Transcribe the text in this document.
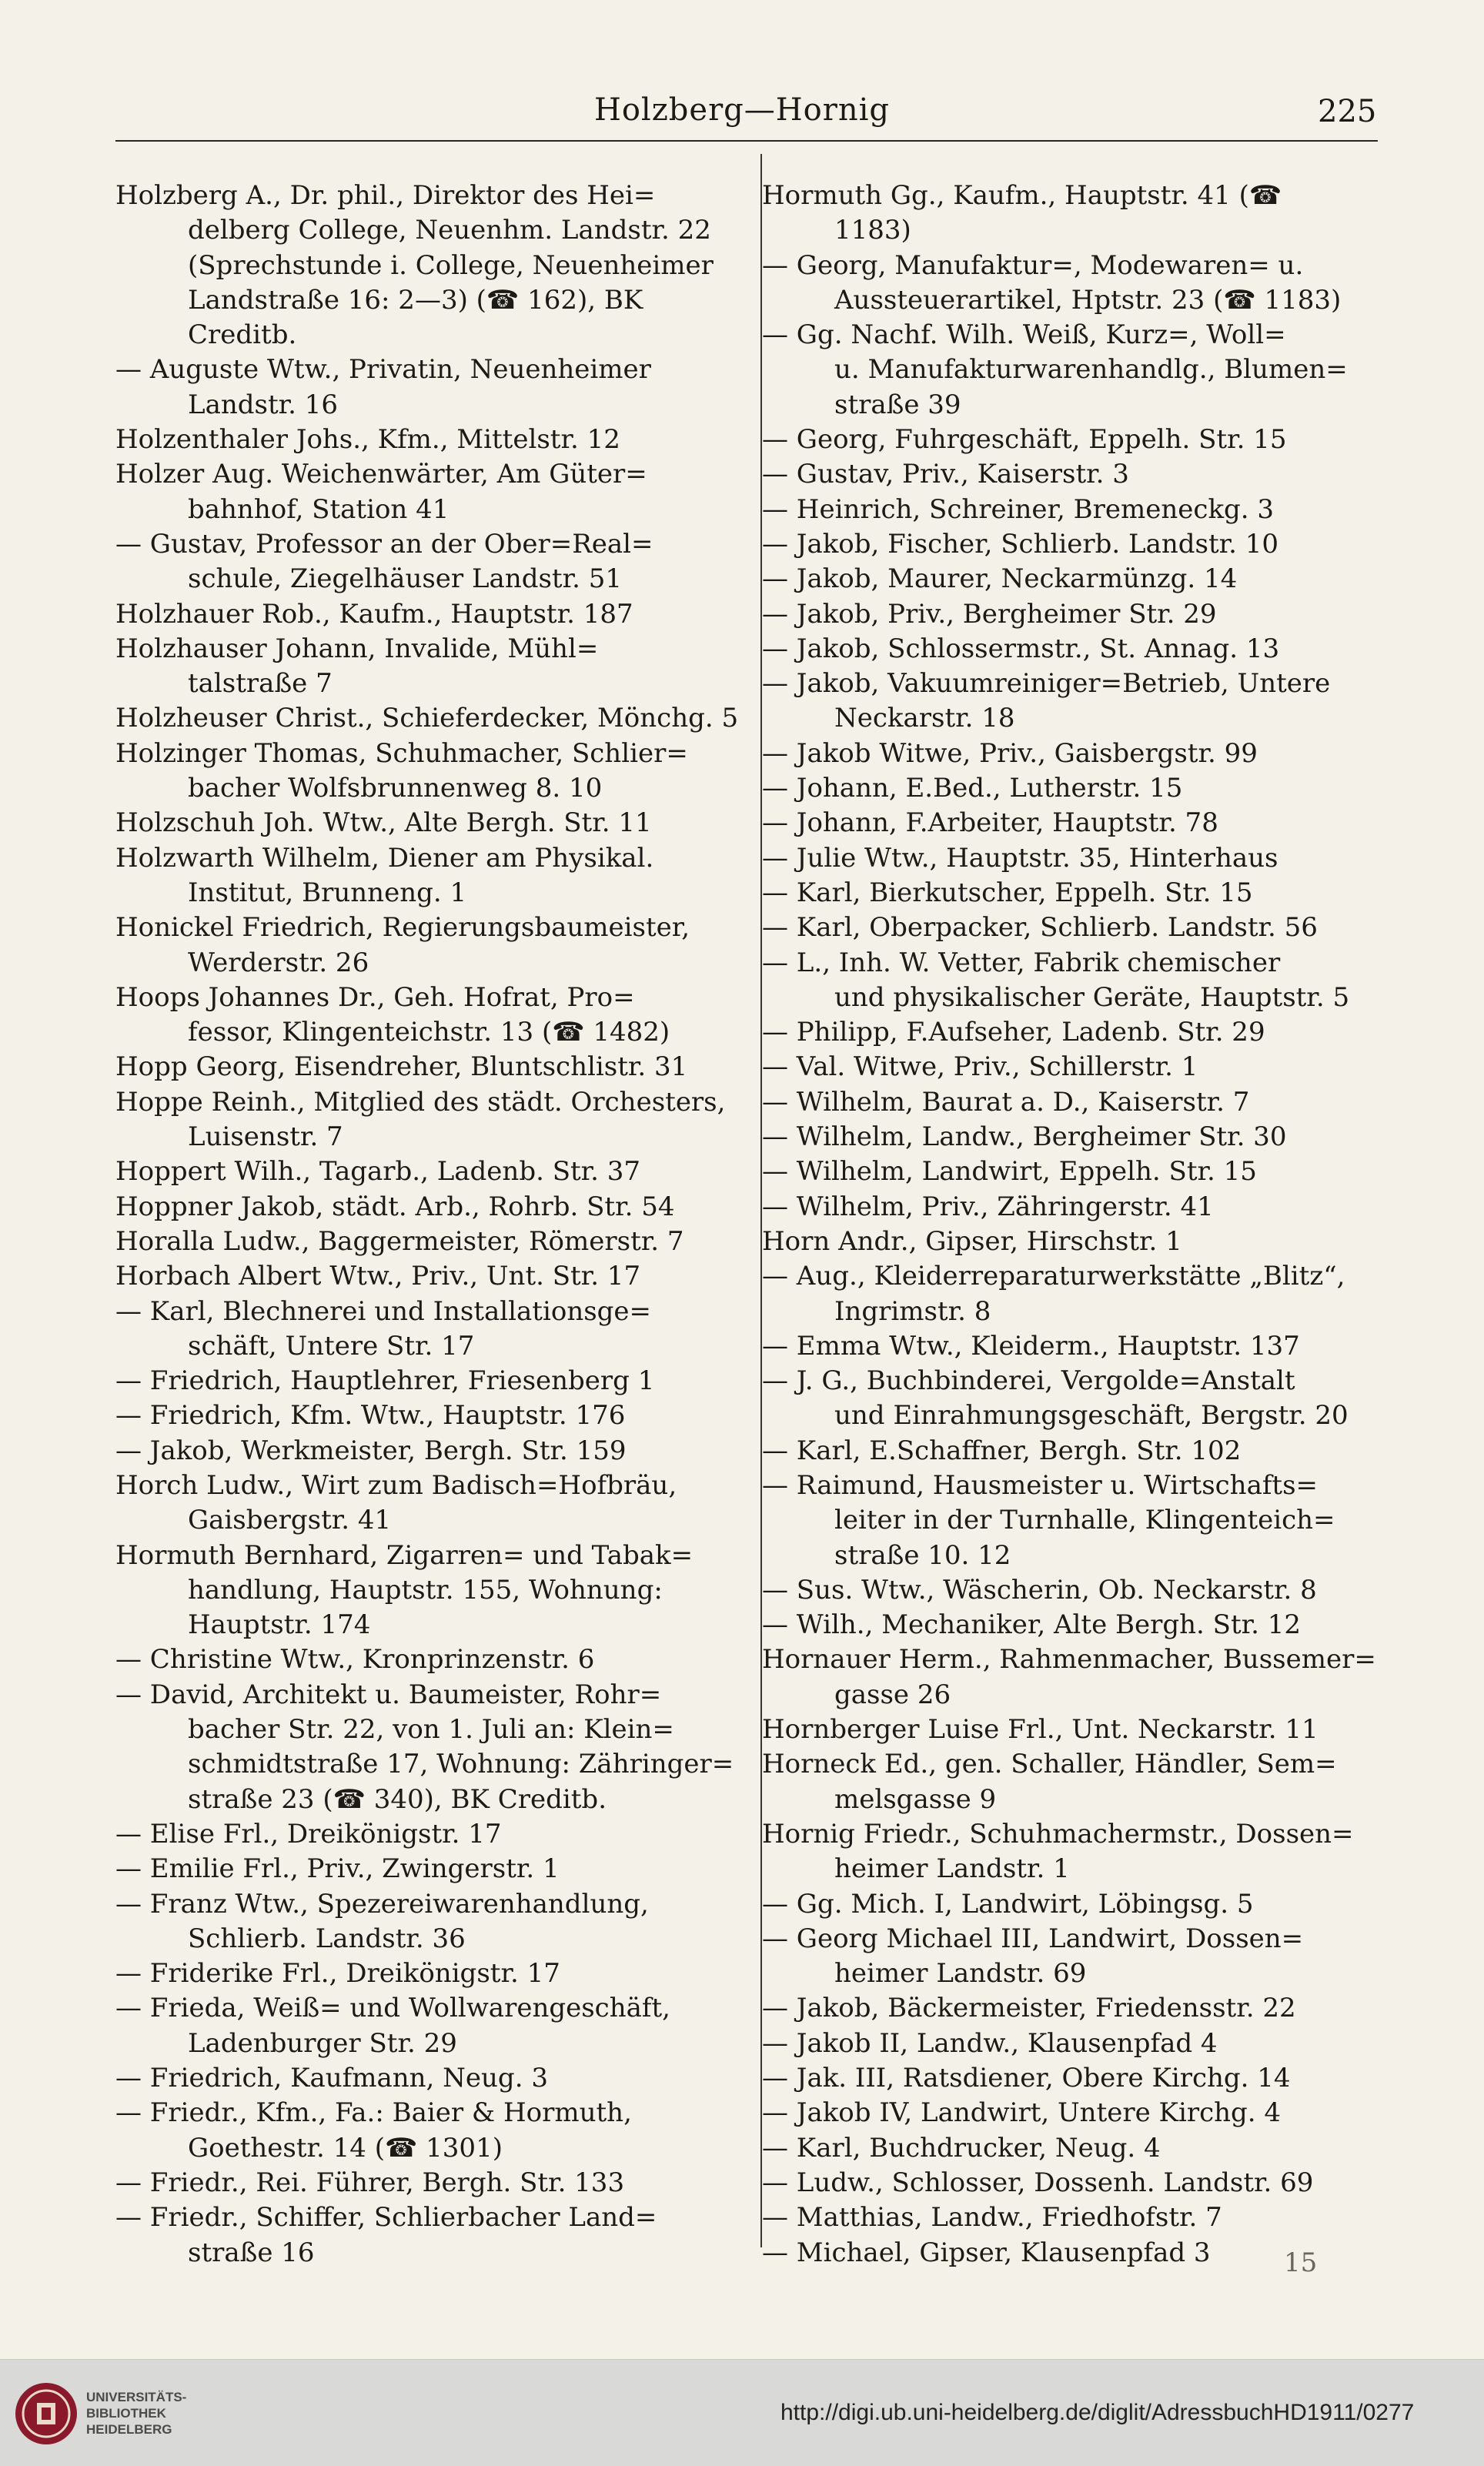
Holzberg—Hornig	225
Holzberg A., Dr. phil., Direktor des Hei=
delberg College, Neuenhm. Landstr. 22
(Sprechstunde i. College, Neuenheimer
Landstraße 16: 2—3) (☎ 162), BK
Creditb.
— Auguste Wtw., Privatin, Neuenheimer
Landstr. 16
Holzenthaler Johs., Kfm., Mittelstr. 12
Holzer Aug. Weichenwärter, Am Güter=
bahnhof, Station 41
— Gustav, Professor an der Ober=Real=
schule, Ziegelhäuser Landstr. 51
Holzhauer Rob., Kaufm., Hauptstr. 187
Holzhauser Johann, Invalide, Mühl=
talstraße 7
Holzheuser Christ., Schieferdecker, Mönchg. 5
Holzinger Thomas, Schuhmacher, Schlier=
bacher Wolfsbrunnenweg 8. 10
Holzschuh Joh. Wtw., Alte Bergh. Str. 11
Holzwarth Wilhelm, Diener am Physikal.
Institut, Brunneng. 1
Honickel Friedrich, Regierungsbaumeister,
Werderstr. 26
Hoops Johannes Dr., Geh. Hofrat, Pro=
fessor, Klingenteichstr. 13 (☎ 1482)
Hopp Georg, Eisendreher, Bluntschlistr. 31
Hoppe Reinh., Mitglied des städt. Orchesters,
Luisenstr. 7
Hoppert Wilh., Tagarb., Ladenb. Str. 37
Hoppner Jakob, städt. Arb., Rohrb. Str. 54
Horalla Ludw., Baggermeister, Römerstr. 7
Horbach Albert Wtw., Priv., Unt. Str. 17
— Karl, Blechnerei und Installationsge=
schäft, Untere Str. 17
— Friedrich, Hauptlehrer, Friesenberg 1
— Friedrich, Kfm. Wtw., Hauptstr. 176
— Jakob, Werkmeister, Bergh. Str. 159
Horch Ludw., Wirt zum Badisch=Hofbräu,
Gaisbergstr. 41
Hormuth Bernhard, Zigarren= und Tabak=
handlung, Hauptstr. 155, Wohnung:
Hauptstr. 174
— Christine Wtw., Kronprinzenstr. 6
— David, Architekt u. Baumeister, Rohr=
bacher Str. 22, von 1. Juli an: Klein=
schmidtstraße 17, Wohnung: Zähringer=
straße 23 (☎ 340), BK Creditb.
— Elise Frl., Dreikönigstr. 17
— Emilie Frl., Priv., Zwingerstr. 1
— Franz Wtw., Spezereiwarenhandlung,
Schlierb. Landstr. 36
— Friderike Frl., Dreikönigstr. 17
— Frieda, Weiß= und Wollwarengeschäft,
Ladenburger Str. 29
— Friedrich, Kaufmann, Neug. 3
— Friedr., Kfm., Fa.: Baier & Hormuth,
Goethestr. 14 (☎ 1301)
— Friedr., Rei. Führer, Bergh. Str. 133
— Friedr., Schiffer, Schlierbacher Land=
straße 16
Hormuth Gg., Kaufm., Hauptstr. 41 (☎
1183)
— Georg, Manufaktur=, Modewaren= u.
Aussteuerartikel, Hptstr. 23 (☎ 1183)
— Gg. Nachf. Wilh. Weiß, Kurz=, Woll=
u. Manufakturwarenhandlg., Blumen=
straße 39
— Georg, Fuhrgeschäft, Eppelh. Str. 15
— Gustav, Priv., Kaiserstr. 3
— Heinrich, Schreiner, Bremeneckg. 3
— Jakob, Fischer, Schlierb. Landstr. 10
— Jakob, Maurer, Neckarmünzg. 14
— Jakob, Priv., Bergheimer Str. 29
— Jakob, Schlossermstr., St. Annag. 13
— Jakob, Vakuumreiniger=Betrieb, Untere
Neckarstr. 18
— Jakob Witwe, Priv., Gaisbergstr. 99
— Johann, E.Bed., Lutherstr. 15
— Johann, F.Arbeiter, Hauptstr. 78
— Julie Wtw., Hauptstr. 35, Hinterhaus
— Karl, Bierkutscher, Eppelh. Str. 15
— Karl, Oberpacker, Schlierb. Landstr. 56
— L., Inh. W. Vetter, Fabrik chemischer
und physikalischer Geräte, Hauptstr. 5
— Philipp, F.Aufseher, Ladenb. Str. 29
— Val. Witwe, Priv., Schillerstr. 1
— Wilhelm, Baurat a. D., Kaiserstr. 7
— Wilhelm, Landw., Bergheimer Str. 30
— Wilhelm, Landwirt, Eppelh. Str. 15
— Wilhelm, Priv., Zähringerstr. 41
Horn Andr., Gipser, Hirschstr. 1
— Aug., Kleiderreparaturwerkstätte „Blitz“,
Ingrimstr. 8
— Emma Wtw., Kleiderm., Hauptstr. 137
— J. G., Buchbinderei, Vergolde=Anstalt
und Einrahmungsgeschäft, Bergstr. 20
— Karl, E.Schaffner, Bergh. Str. 102
— Raimund, Hausmeister u. Wirtschafts=
leiter in der Turnhalle, Klingenteich=
straße 10. 12
— Sus. Wtw., Wäscherin, Ob. Neckarstr. 8
— Wilh., Mechaniker, Alte Bergh. Str. 12
Hornauer Herm., Rahmenmacher, Bussemer=
gasse 26
Hornberger Luise Frl., Unt. Neckarstr. 11
Horneck Ed., gen. Schaller, Händler, Sem=
melsgasse 9
Hornig Friedr., Schuhmachermstr., Dossen=
heimer Landstr. 1
— Gg. Mich. I, Landwirt, Löbingsg. 5
— Georg Michael III, Landwirt, Dossen=
heimer Landstr. 69
— Jakob, Bäckermeister, Friedensstr. 22
— Jakob II, Landw., Klausenpfad 4
— Jak. III, Ratsdiener, Obere Kirchg. 14
— Jakob IV, Landwirt, Untere Kirchg. 4
— Karl, Buchdrucker, Neug. 4
— Ludw., Schlosser, Dossenh. Landstr. 69
— Matthias, Landw., Friedhofstr. 7
— Michael, Gipser, Klausenpfad 3	15
UNIVERSITÄTS-
BIBLIOTHEK
HEIDELBERG
http://digi.ub.uni-heidelberg.de/diglit/AdressbuchHD1911/0277
